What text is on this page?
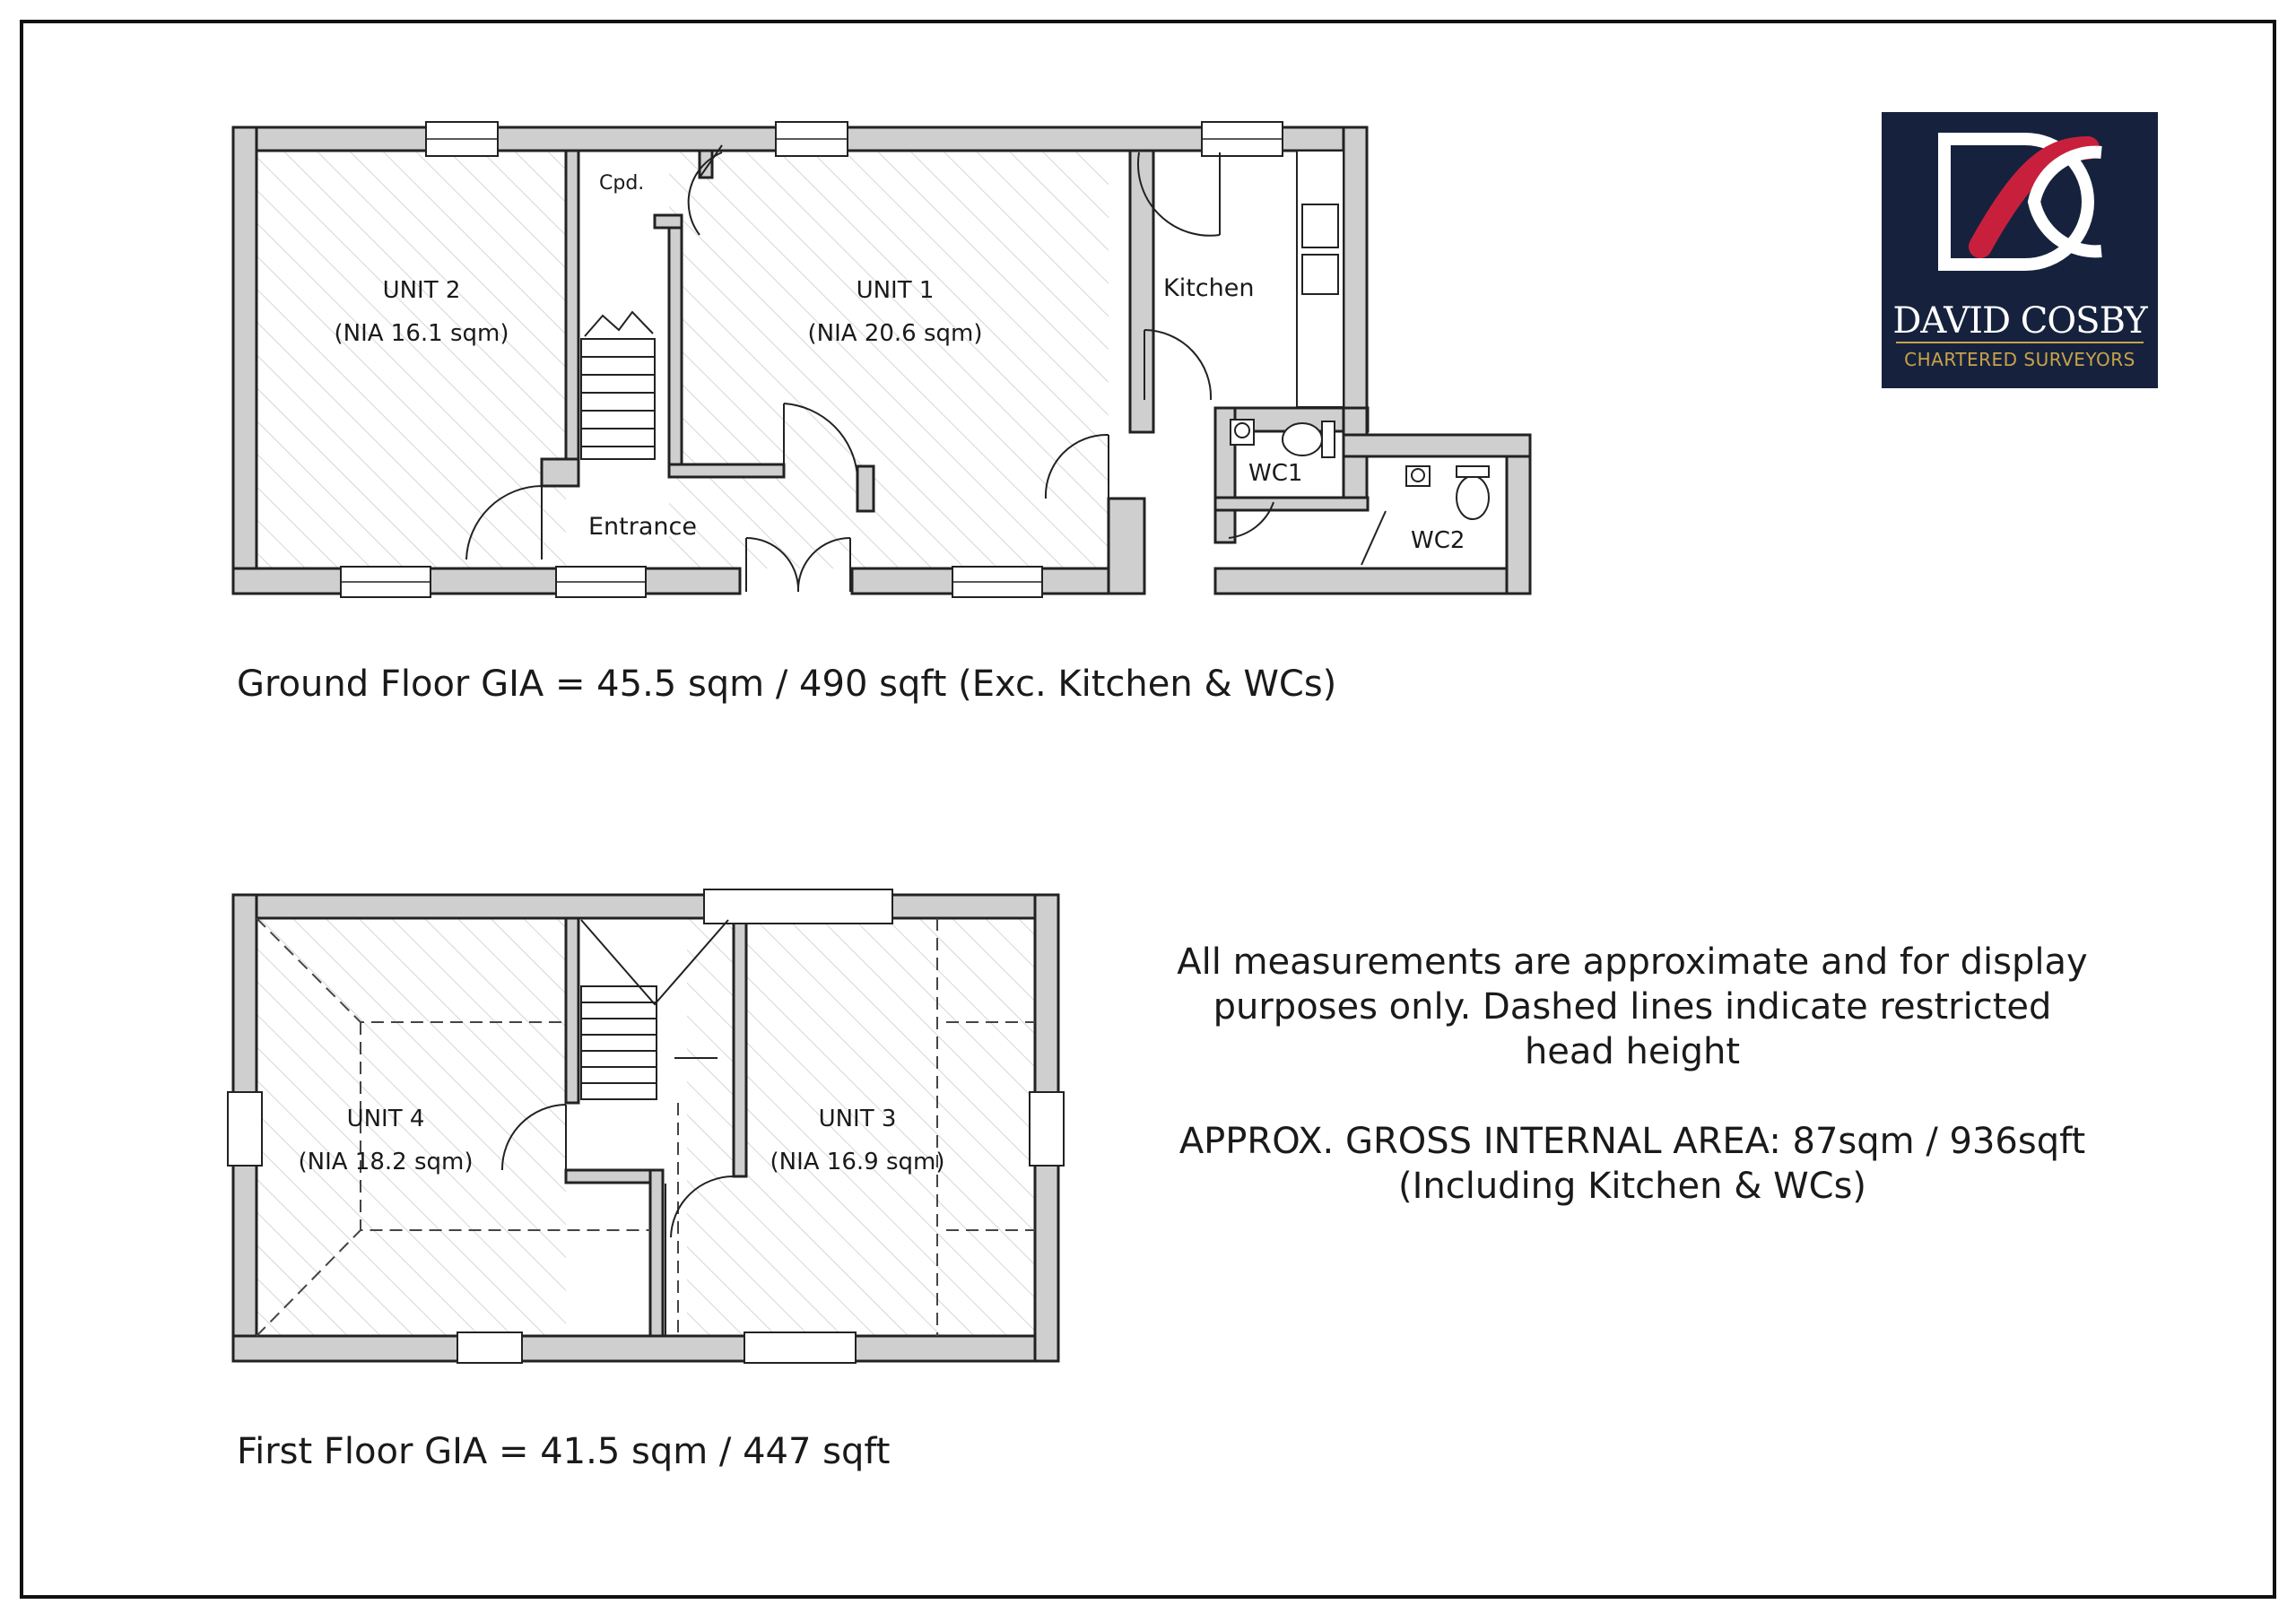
UNIT 2
(NIA 16.1 sqm)
UNIT 1
(NIA 20.6 sqm)
Cpd.
Kitchen
Entrance
WC1
WC2
Ground Floor GIA = 45.5 sqm / 490 sqft (Exc. Kitchen & WCs)
UNIT 4
(NIA 18.2 sqm)
UNIT 3
(NIA 16.9 sqm)
First Floor GIA = 41.5 sqm / 447 sqft
All measurements are approximate and for display
purposes only. Dashed lines indicate restricted
head height
APPROX. GROSS INTERNAL AREA: 87sqm / 936sqft
(Including Kitchen & WCs)
DAVID COSBY
CHARTERED SURVEYORS
